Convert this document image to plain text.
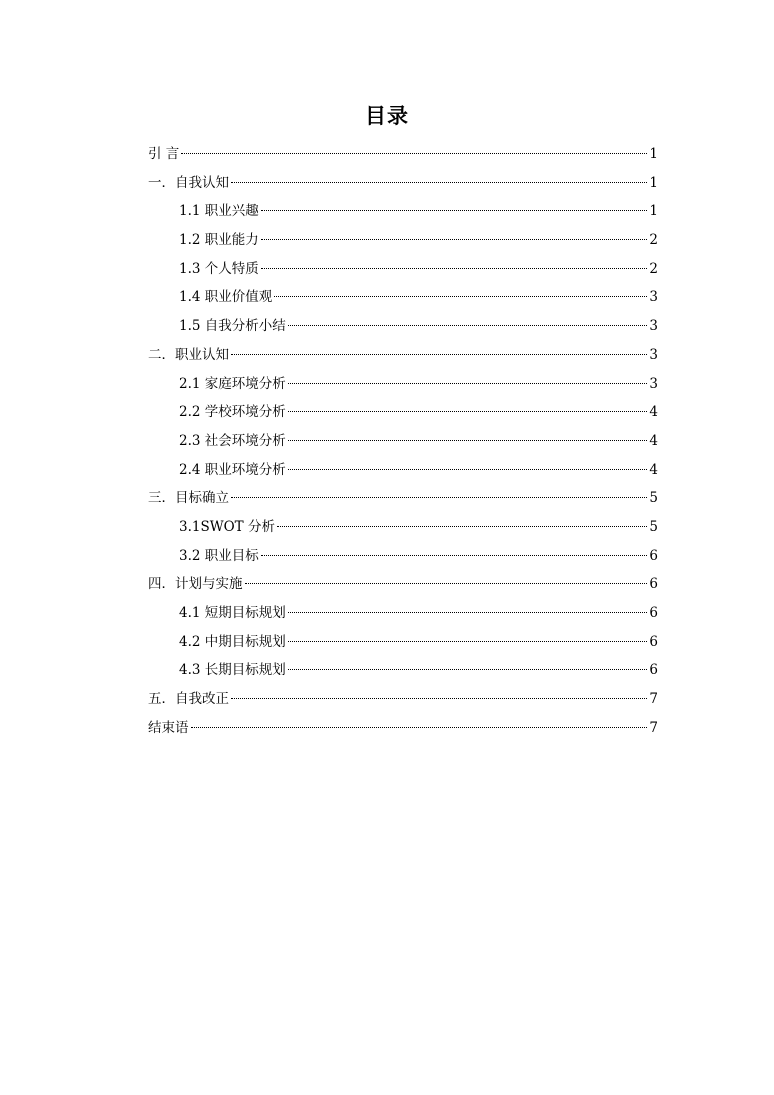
目录
引 言	1
一．自我认知	1
1.1 职业兴趣	1
1.2 职业能力	2
1.3 个人特质	2
1.4 职业价值观	3
1.5 自我分析小结	3
二．职业认知	3
2.1 家庭环境分析	3
2.2 学校环境分析	4
2.3 社会环境分析	4
2.4 职业环境分析	4
三．目标确立	5
3.1SWOT 分析	5
3.2 职业目标	6
四．计划与实施	6
4.1 短期目标规划	6
4.2 中期目标规划	6
4.3 长期目标规划	6
五．自我改正	7
结束语	7
